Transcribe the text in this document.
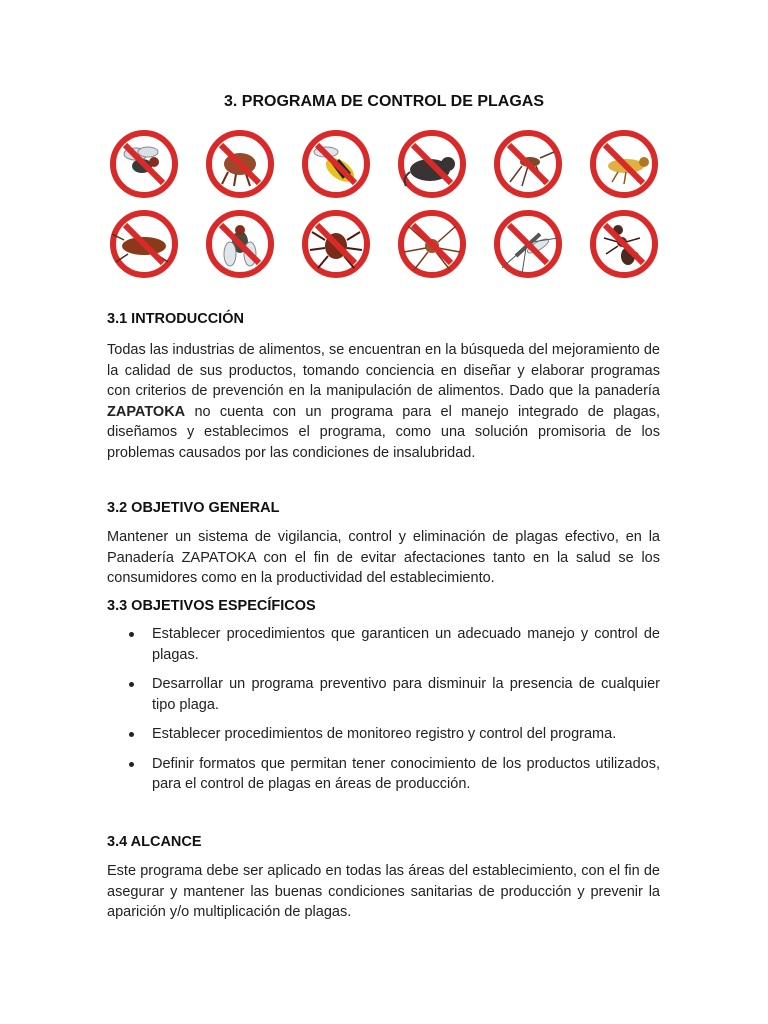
3. PROGRAMA DE CONTROL DE PLAGAS
3.1 INTRODUCCIÓN

Todas las industrias de alimentos, se encuentran en la búsqueda del mejoramiento de la calidad de sus productos, tomando conciencia en diseñar y elaborar programas con criterios de prevención en la manipulación de alimentos. Dado que la panadería ZAPATOKA no cuenta con un programa para el manejo integrado de plagas, diseñamos y establecimos el programa, como una solución promisoria de los problemas causados por las condiciones de insalubridad.

3.2 OBJETIVO GENERAL

Mantener un sistema de vigilancia, control y eliminación de plagas efectivo, en la Panadería ZAPATOKA con el fin de evitar afectaciones tanto en la salud se los consumidores como en la productividad del establecimiento.

3.3 OBJETIVOS ESPECÍFICOS
Establecer procedimientos que garanticen un adecuado manejo y control de plagas.
Desarrollar un programa preventivo para disminuir la presencia de cualquier tipo plaga.
Establecer procedimientos de monitoreo registro y control del programa.
Definir formatos que permitan tener conocimiento de los productos utilizados, para el control de plagas en áreas de producción.
3.4 ALCANCE

Este programa debe ser aplicado en todas las áreas del establecimiento, con el fin de asegurar y mantener las buenas condiciones sanitarias de producción y prevenir la aparición y/o multiplicación de plagas.
